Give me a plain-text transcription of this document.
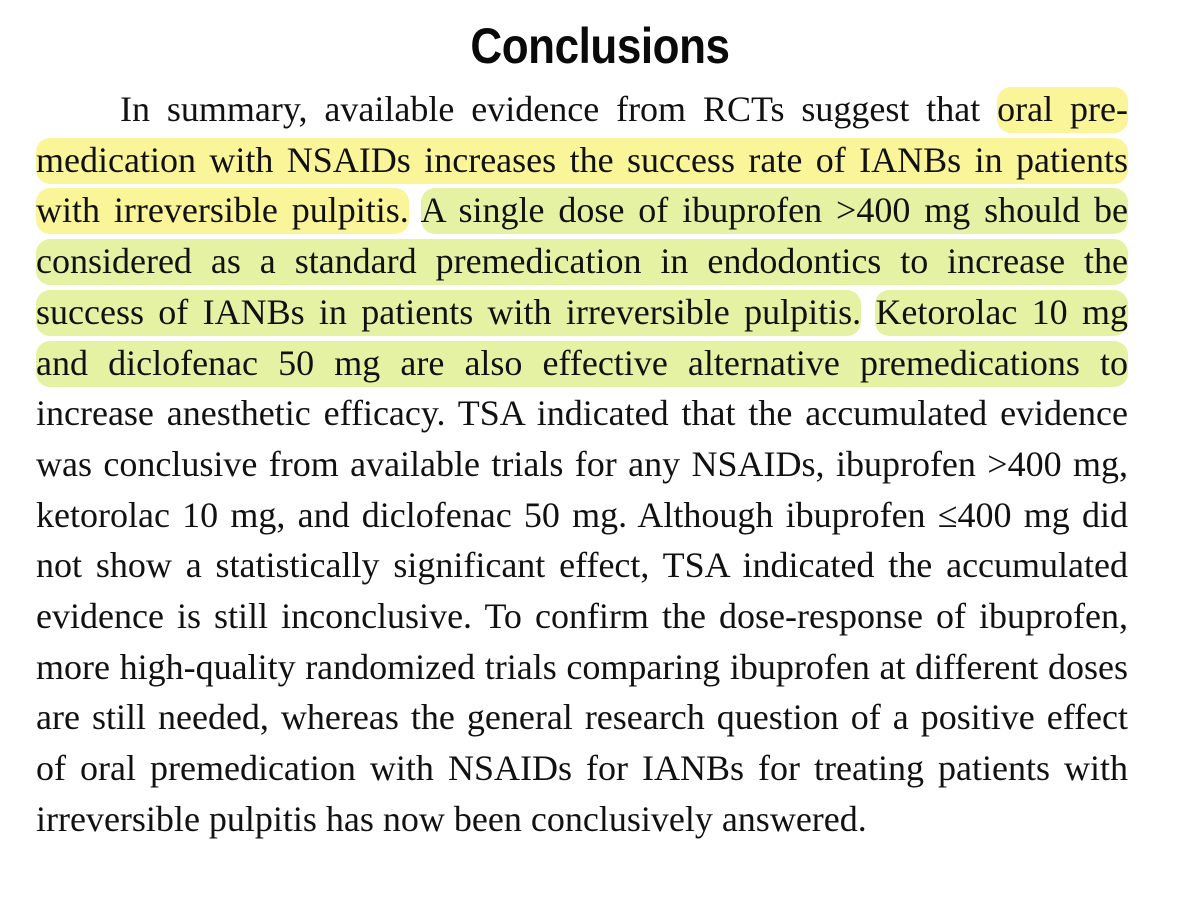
Conclusions

In summary, available evidence from RCTs suggest that oral premedication with NSAIDs increases the success rate of IANBs in patients with irreversible pulpitis. A single dose of ibuprofen >400 mg should be considered as a standard premedication in endodontics to increase the success of IANBs in patients with irreversible pulpitis. Ketorolac 10 mg and diclofenac 50 mg are also effective alternative premedications to increase anesthetic efficacy. TSA indicated that the accumulated evidence was conclusive from available trials for any NSAIDs, ibuprofen >400 mg, ketorolac 10 mg, and diclofenac 50 mg. Although ibuprofen ≤400 mg did not show a statistically significant effect, TSA indicated the accumulated evidence is still inconclusive. To confirm the dose-response of ibuprofen, more high-quality randomized trials comparing ibuprofen at different doses are still needed, whereas the general research question of a positive effect of oral premedication with NSAIDs for IANBs for treating patients with irreversible pulpitis has now been conclusively answered.
